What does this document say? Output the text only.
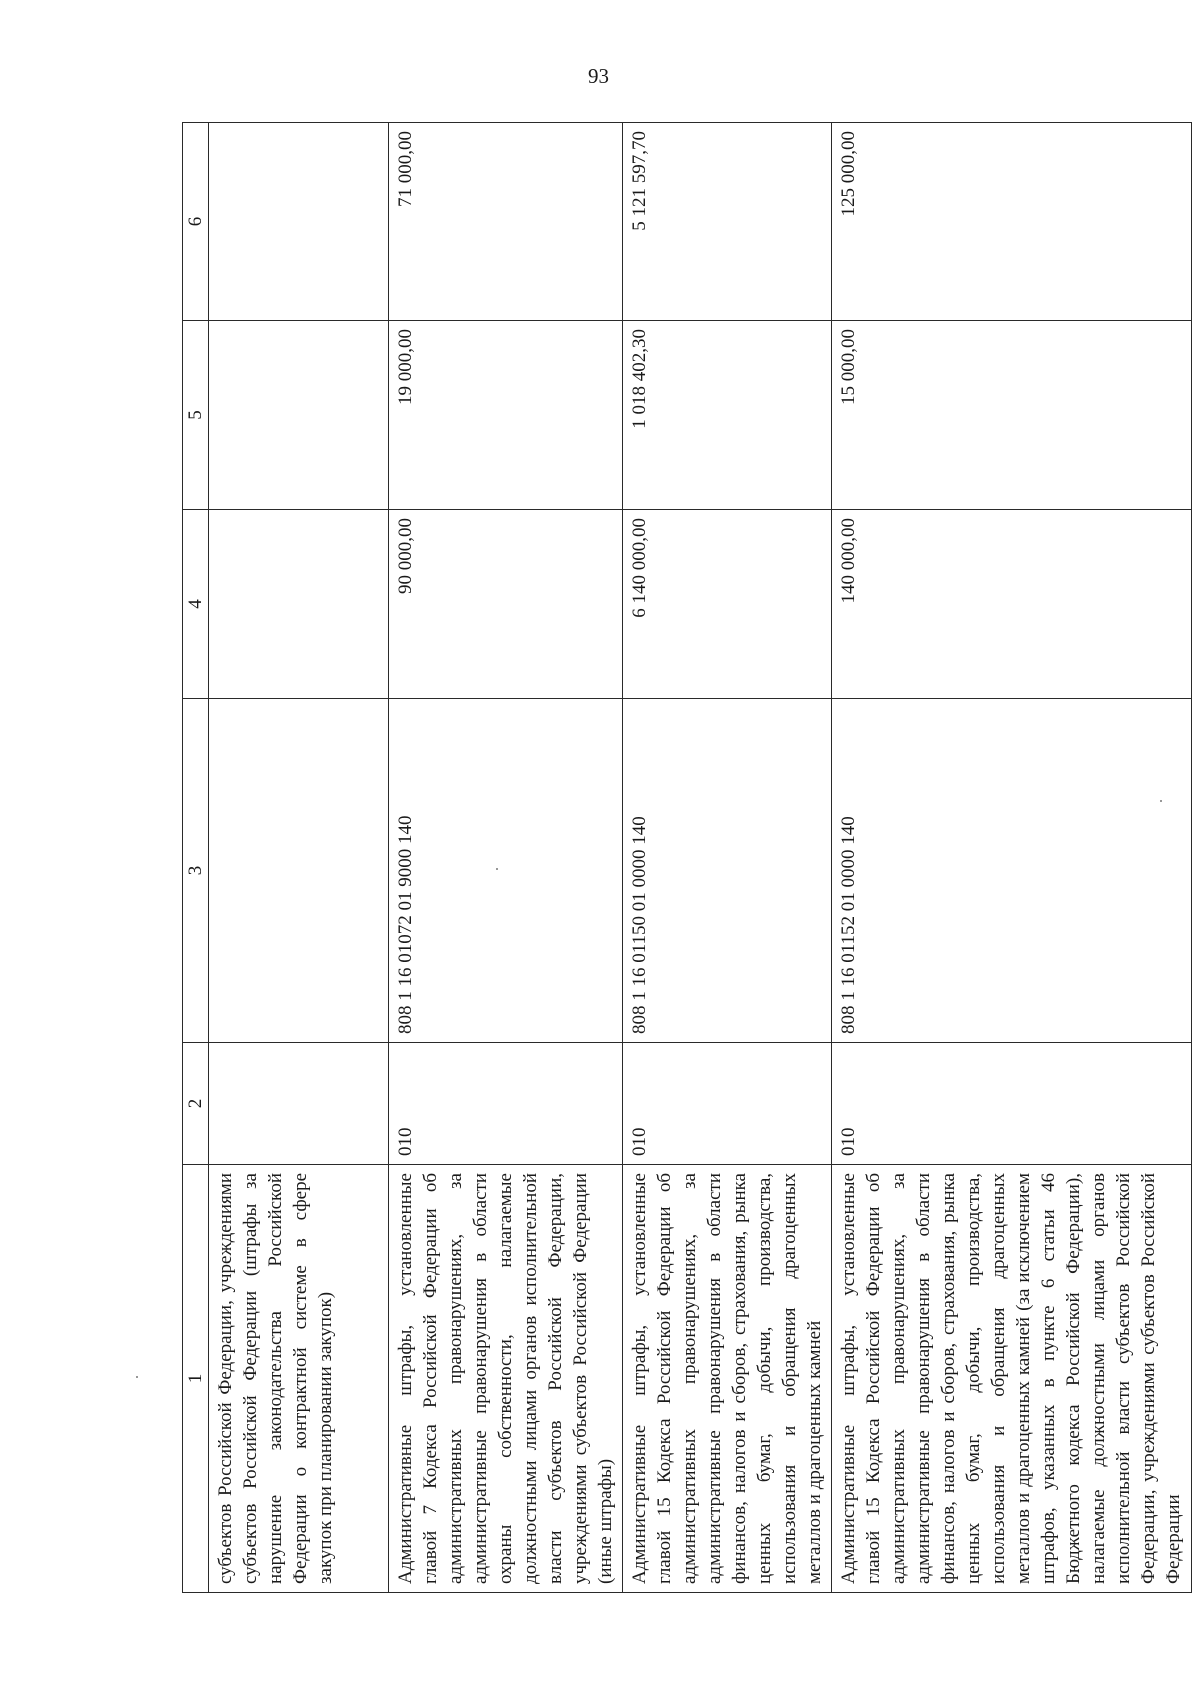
93
1	2	3	4	5	6
субъектов Российской Федерации, учреждениями субъектов Российской Федерации (штрафы за нарушение законодательства Российской Федерации о контрактной системе в сфере закупок при планировании закупок)					
Административные штрафы, установленные главой 7 Кодекса Российской Федерации об административных правонарушениях, за административные правонарушения в области охраны собственности, налагаемые должностными лицами органов исполнительной власти субъектов Российской Федерации, учреждениями субъектов Российской Федерации (иные штрафы)	010	808 1 16 01072 01 9000 140	90 000,00	19 000,00	71 000,00
Административные штрафы, установленные главой 15 Кодекса Российской Федерации об административных правонарушениях, за административные правонарушения в области финансов, налогов и сборов, страхования, рынка ценных бумаг, добычи, производства, использования и обращения драгоценных металлов и драгоценных камней	010	808 1 16 01150 01 0000 140	6 140 000,00	1 018 402,30	5 121 597,70
Административные штрафы, установленные главой 15 Кодекса Российской Федерации об административных правонарушениях, за административные правонарушения в области финансов, налогов и сборов, страхования, рынка ценных бумаг, добычи, производства, использования и обращения драгоценных металлов и драгоценных камней (за исключением штрафов, указанных в пункте 6 статьи 46 Бюджетного кодекса Российской Федерации), налагаемые должностными лицами органов исполнительной власти субъектов Российской Федерации, учреждениями субъектов Российской Федерации	010	808 1 16 01152 01 0000 140	140 000,00	15 000,00	125 000,00
